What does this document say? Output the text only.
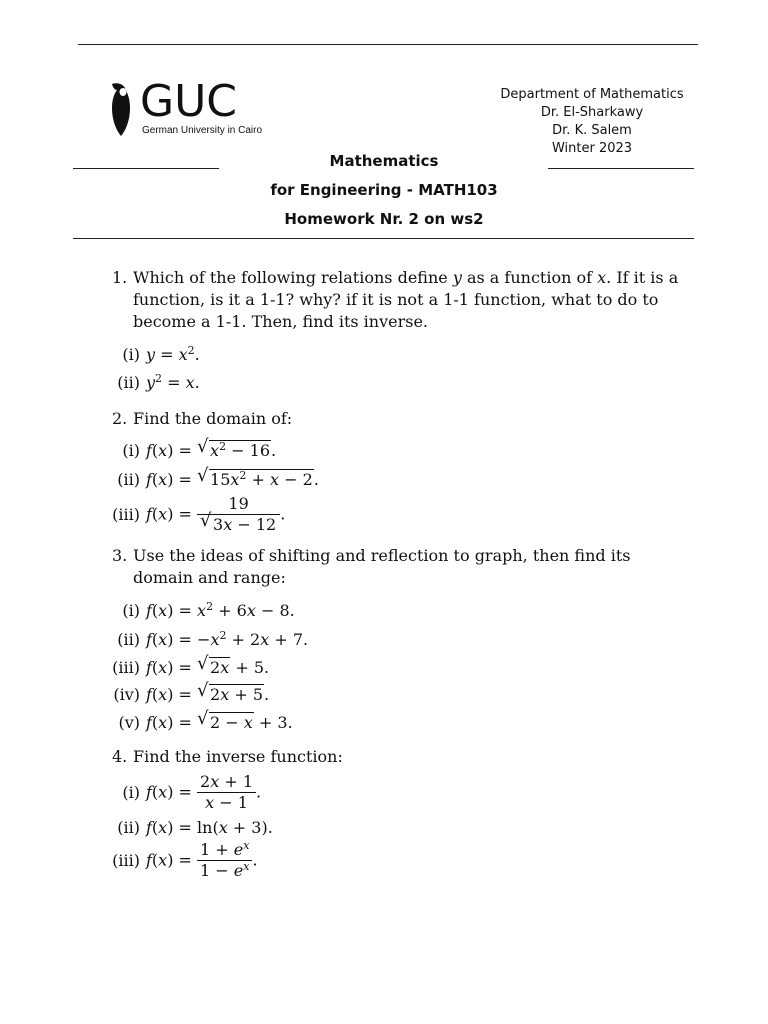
GUC
German University in Cairo
Department of Mathematics
Dr. El-Sharkawy
Dr. K. Salem
Winter 2023
Mathematics
for Engineering - MATH103
Homework Nr. 2 on ws2
1. Which of the following relations define y as a function of x. If it is a function, is it a 1-1? why? if it is not a 1-1 function, what to do to become a 1-1. Then, find its inverse.
(i) $y = x^2$.
(ii) $y^2 = x$.
2. Find the domain of:
(i) f(x) = √ $x^2 - 16$.
(ii) f(x) = √ $15x^2 + x - 2$.
(iii) $f(x) = \frac{19}{√ 3x - 12}$ .
3. Use the ideas of shifting and reflection to graph, then find its domain and range:
(i) $f(x) = x^2 + 6x - 8$.
(ii) $f(x) = -x^2 + 2x + 7$.
(iii) f(x) = √ 2x + 5.
(iv) f(x) = √ 2x + 5.
(v) f(x) = √ 2 − x + 3.
4. Find the inverse function:
(i) $f(x) = \frac{2x + 1}{x - 1}$ .
(ii) f(x) = ln(x + 3).
(iii) $f(x) = \frac{1 + e^x}{1 - e^x}$ .
